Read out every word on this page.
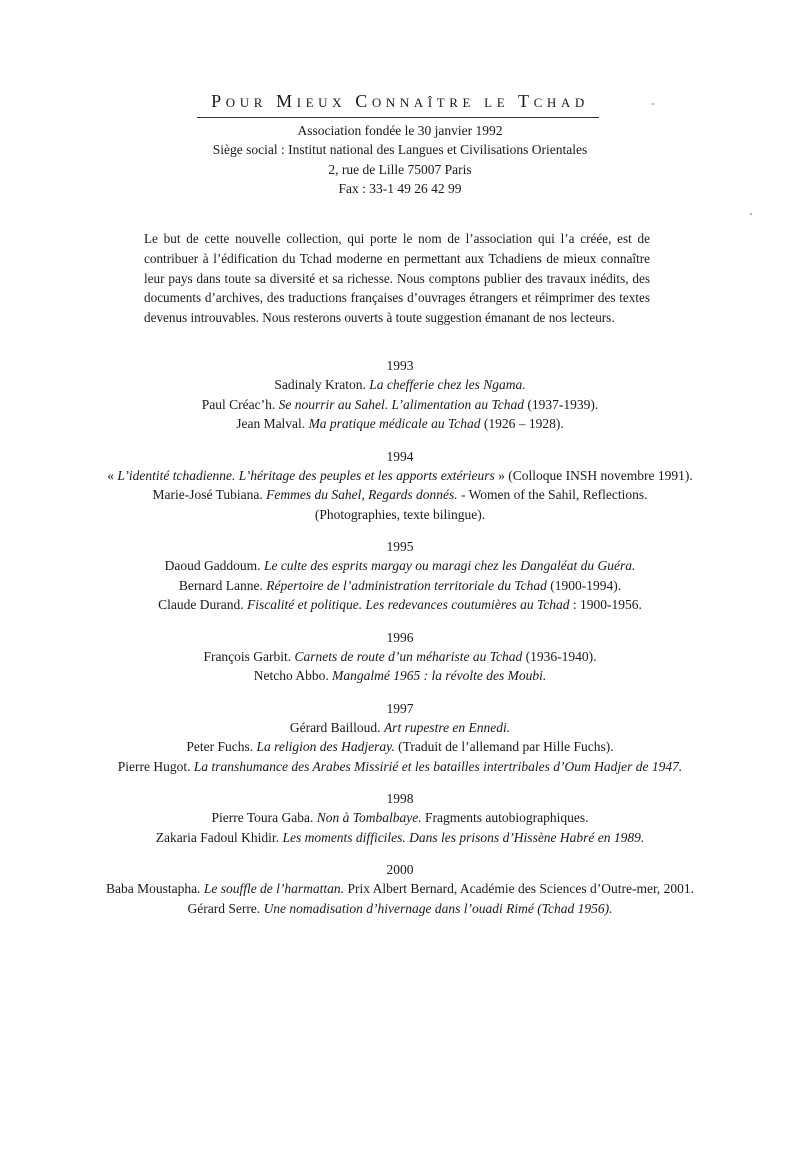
Pour Mieux Connaître le Tchad
Association fondée le 30 janvier 1992
Siège social : Institut national des Langues et Civilisations Orientales
2, rue de Lille 75007 Paris
Fax : 33-1 49 26 42 99

Le but de cette nouvelle collection, qui porte le nom de l’association qui l’a créée, est de contribuer à l’édification du Tchad moderne en permettant aux Tchadiens de mieux connaître leur pays dans toute sa diversité et sa richesse. Nous comptons publier des travaux inédits, des documents d’archives, des traductions françaises d’ouvrages étrangers et réimprimer des textes devenus introuvables. Nous resterons ouverts à toute suggestion émanant de nos lecteurs.

1993
Sadinaly Kraton. La chefferie chez les Ngama.
Paul Créac’h. Se nourrir au Sahel. L’alimentation au Tchad (1937-1939).
Jean Malval. Ma pratique médicale au Tchad (1926 – 1928).
1994
« L’identité tchadienne. L’héritage des peuples et les apports extérieurs » (Colloque INSH novembre 1991).
Marie-José Tubiana. Femmes du Sahel, Regards donnés. - Women of the Sahil, Reflections.
(Photographies, texte bilingue).
1995
Daoud Gaddoum. Le culte des esprits margay ou maragi chez les Dangaléat du Guéra.
Bernard Lanne. Répertoire de l’administration territoriale du Tchad (1900-1994).
Claude Durand. Fiscalité et politique. Les redevances coutumières au Tchad : 1900-1956.
1996
François Garbit. Carnets de route d’un méhariste au Tchad (1936-1940).
Netcho Abbo. Mangalmé 1965 : la révolte des Moubi.
1997
Gérard Bailloud. Art rupestre en Ennedi.
Peter Fuchs. La religion des Hadjeray. (Traduit de l’allemand par Hille Fuchs).
Pierre Hugot. La transhumance des Arabes Missirié et les batailles intertribales d’Oum Hadjer de 1947.
1998
Pierre Toura Gaba. Non à Tombalbaye. Fragments autobiographiques.
Zakaria Fadoul Khidir. Les moments difficiles. Dans les prisons d’Hissène Habré en 1989.
2000
Baba Moustapha. Le souffle de l’harmattan. Prix Albert Bernard, Académie des Sciences d’Outre-mer, 2001.
Gérard Serre. Une nomadisation d’hivernage dans l’ouadi Rimé (Tchad 1956).
